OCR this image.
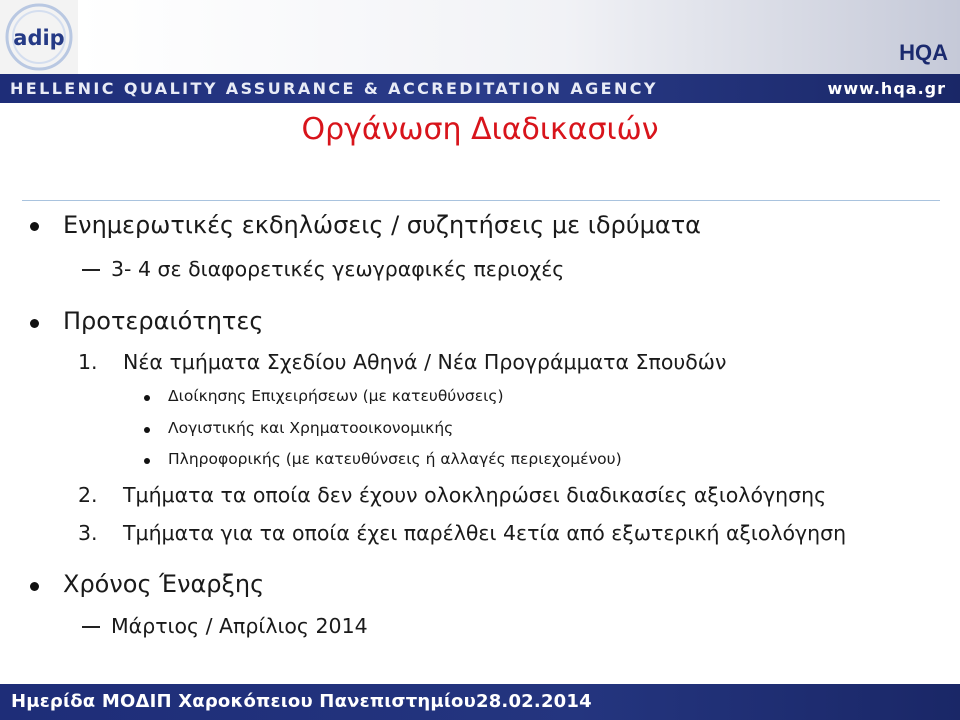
adip
HQA
HELLENIC QUALITY ASSURANCE & ACCREDITATION AGENCY	www.hqa.gr
Οργάνωση Διαδικασιών
Ενημερωτικές εκδηλώσεις / συζητήσεις με ιδρύματα
3- 4 σε διαφορετικές γεωγραφικές περιοχές
Προτεραιότητες
1. Νέα τμήματα Σχεδίου Αθηνά / Νέα Προγράμματα Σπουδών
Διοίκησης Επιχειρήσεων (με κατευθύνσεις)
Λογιστικής και Χρηματοοικονομικής
Πληροφορικής (με κατευθύνσεις ή αλλαγές περιεχομένου)
2. Τμήματα τα οποία δεν έχουν ολοκληρώσει διαδικασίες αξιολόγησης
3. Τμήματα για τα οποία έχει παρέλθει 4ετία από εξωτερική αξιολόγηση
Χρόνος Έναρξης
Μάρτιος / Απρίλιος 2014
Ημερίδα ΜΟΔΙΠ Χαροκόπειου Πανεπιστημίου28.02.2014
